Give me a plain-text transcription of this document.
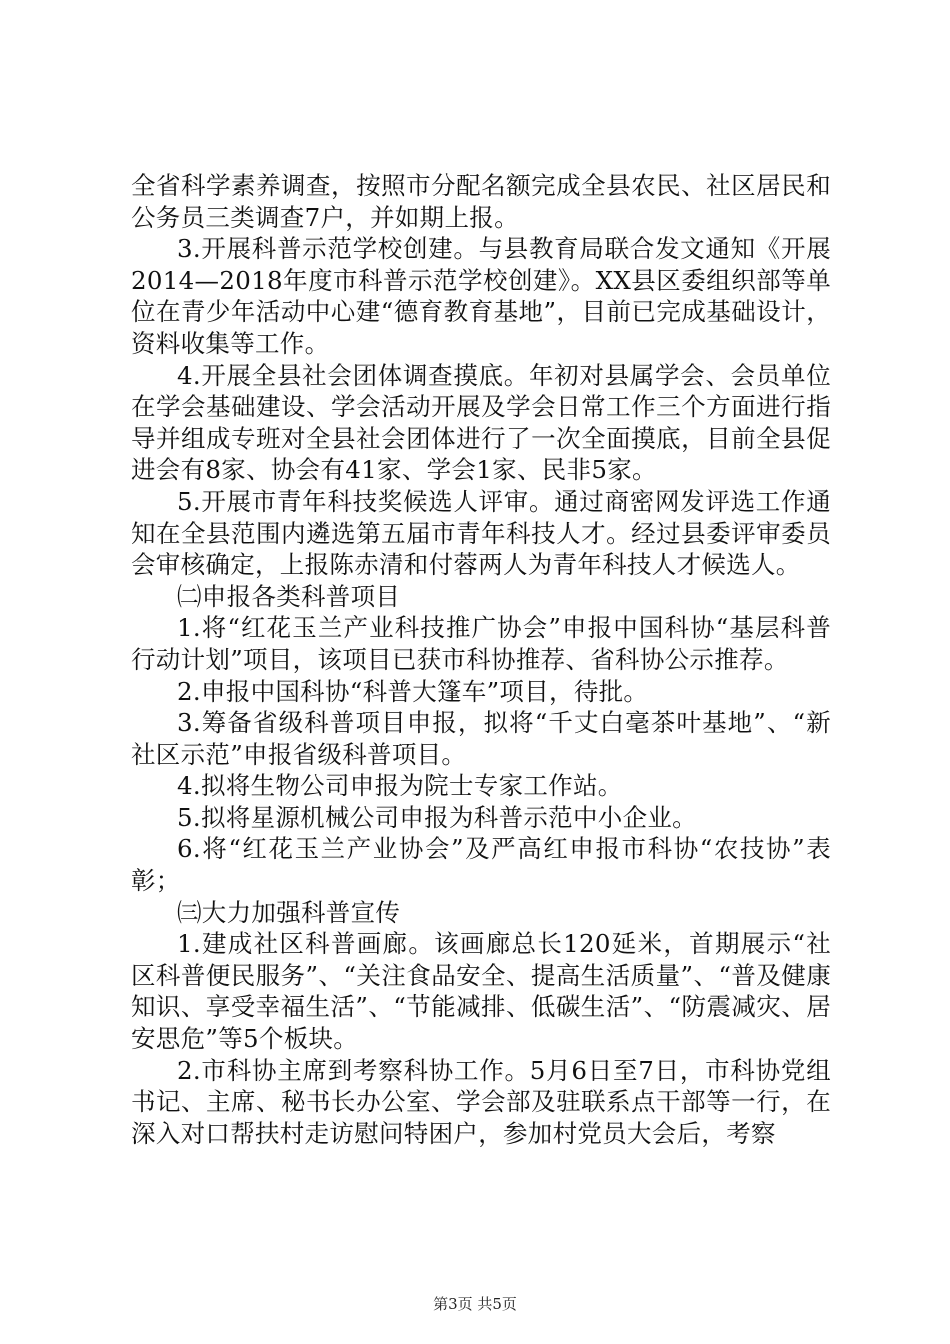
全省科学素养调查，按照市分配名额完成全县农民、社区居民和公务员三类调查7户，并如期上报。

3.开展科普示范学校创建。与县教育局联合发文通知《开展2014—2018年度市科普示范学校创建》。XX县区委组织部等单位在青少年活动中心建“德育教育基地”，目前已完成基础设计，资料收集等工作。

4.开展全县社会团体调查摸底。年初对县属学会、会员单位在学会基础建设、学会活动开展及学会日常工作三个方面进行指导并组成专班对全县社会团体进行了一次全面摸底，目前全县促进会有8家、协会有41家、学会1家、民非5家。

5.开展市青年科技奖候选人评审。通过商密网发评选工作通知在全县范围内遴选第五届市青年科技人才。经过县委评审委员会审核确定，上报陈赤清和付蓉两人为青年科技人才候选人。

㈡申报各类科普项目

1.将“红花玉兰产业科技推广协会”申报中国科协“基层科普行动计划”项目，该项目已获市科协推荐、省科协公示推荐。

2.申报中国科协“科普大篷车”项目，待批。

3.筹备省级科普项目申报，拟将“千丈白毫茶叶基地”、“新社区示范”申报省级科普项目。

4.拟将生物公司申报为院士专家工作站。

5.拟将星源机械公司申报为科普示范中小企业。

6.将“红花玉兰产业协会”及严高红申报市科协“农技协”表彰；

㈢大力加强科普宣传

1.建成社区科普画廊。该画廊总长120延米，首期展示“社区科普便民服务”、“关注食品安全、提高生活质量”、“普及健康知识、享受幸福生活”、“节能减排、低碳生活”、“防震减灾、居安思危”等5个板块。

2.市科协主席到考察科协工作。5月6日至7日，市科协党组书记、主席、秘书长办公室、学会部及驻联系点干部等一行，在深入对口帮扶村走访慰问特困户，参加村党员大会后，考察

第3页 共5页
